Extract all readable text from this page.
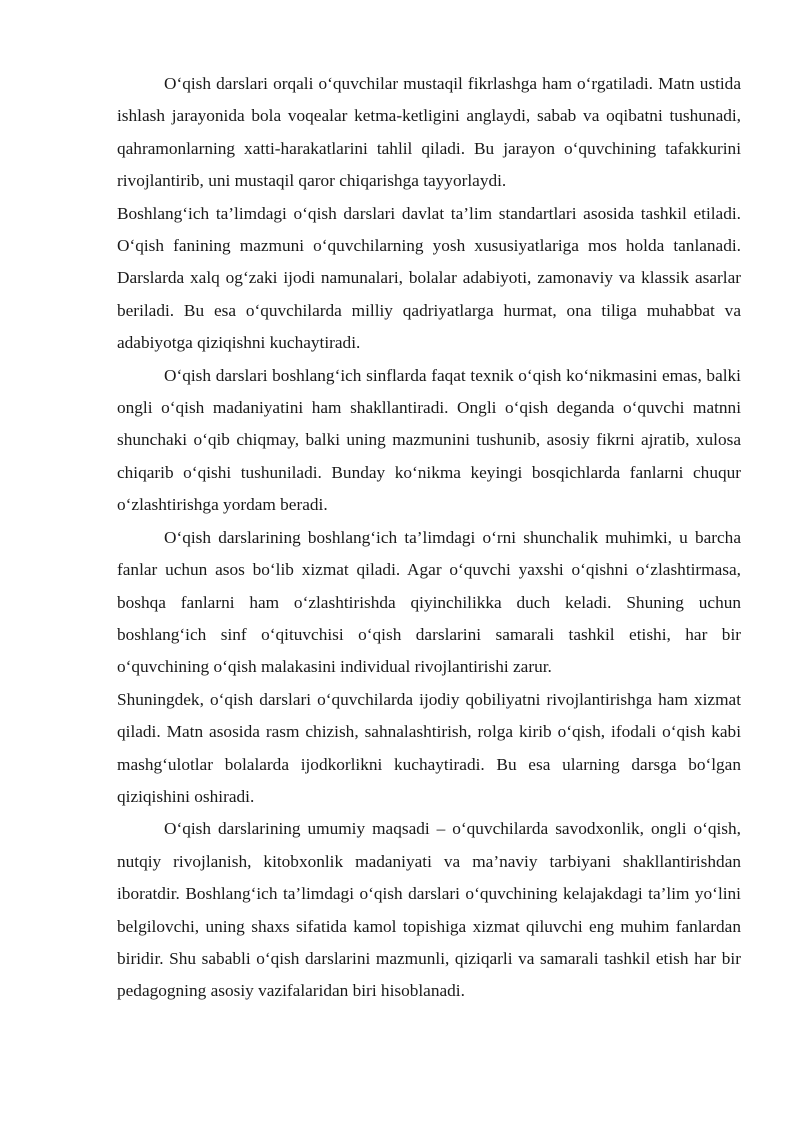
O‘qish darslari orqali o‘quvchilar mustaqil fikrlashga ham o‘rgatiladi. Matn ustida ishlash jarayonida bola voqealar ketma-ketligini anglaydi, sabab va oqibatni tushunadi, qahramonlarning xatti-harakatlarini tahlil qiladi. Bu jarayon o‘quvchining tafakkurini rivojlantirib, uni mustaqil qaror chiqarishga tayyorlaydi.

Boshlang‘ich ta’limdagi o‘qish darslari davlat ta’lim standartlari asosida tashkil etiladi. O‘qish fanining mazmuni o‘quvchilarning yosh xususiyatlariga mos holda tanlanadi. Darslarda xalq og‘zaki ijodi namunalari, bolalar adabiyoti, zamonaviy va klassik asarlar beriladi. Bu esa o‘quvchilarda milliy qadriyatlarga hurmat, ona tiliga muhabbat va adabiyotga qiziqishni kuchaytiradi.

O‘qish darslari boshlang‘ich sinflarda faqat texnik o‘qish ko‘nikmasini emas, balki ongli o‘qish madaniyatini ham shakllantiradi. Ongli o‘qish deganda o‘quvchi matnni shunchaki o‘qib chiqmay, balki uning mazmunini tushunib, asosiy fikrni ajratib, xulosa chiqarib o‘qishi tushuniladi. Bunday ko‘nikma keyingi bosqichlarda fanlarni chuqur o‘zlashtirishga yordam beradi.

O‘qish darslarining boshlang‘ich ta’limdagi o‘rni shunchalik muhimki, u barcha fanlar uchun asos bo‘lib xizmat qiladi. Agar o‘quvchi yaxshi o‘qishni o‘zlashtirmasa, boshqa fanlarni ham o‘zlashtirishda qiyinchilikka duch keladi. Shuning uchun boshlang‘ich sinf o‘qituvchisi o‘qish darslarini samarali tashkil etishi, har bir o‘quvchining o‘qish malakasini individual rivojlantirishi zarur.

Shuningdek, o‘qish darslari o‘quvchilarda ijodiy qobiliyatni rivojlantirishga ham xizmat qiladi. Matn asosida rasm chizish, sahnalashtirish, rolga kirib o‘qish, ifodali o‘qish kabi mashg‘ulotlar bolalarda ijodkorlikni kuchaytiradi. Bu esa ularning darsga bo‘lgan qiziqishini oshiradi.

O‘qish darslarining umumiy maqsadi – o‘quvchilarda savodxonlik, ongli o‘qish, nutqiy rivojlanish, kitobxonlik madaniyati va ma’naviy tarbiyani shakllantirishdan iboratdir. Boshlang‘ich ta’limdagi o‘qish darslari o‘quvchining kelajakdagi ta’lim yo‘lini belgilovchi, uning shaxs sifatida kamol topishiga xizmat qiluvchi eng muhim fanlardan biridir. Shu sababli o‘qish darslarini mazmunli, qiziqarli va samarali tashkil etish har bir pedagogning asosiy vazifalaridan biri hisoblanadi.
